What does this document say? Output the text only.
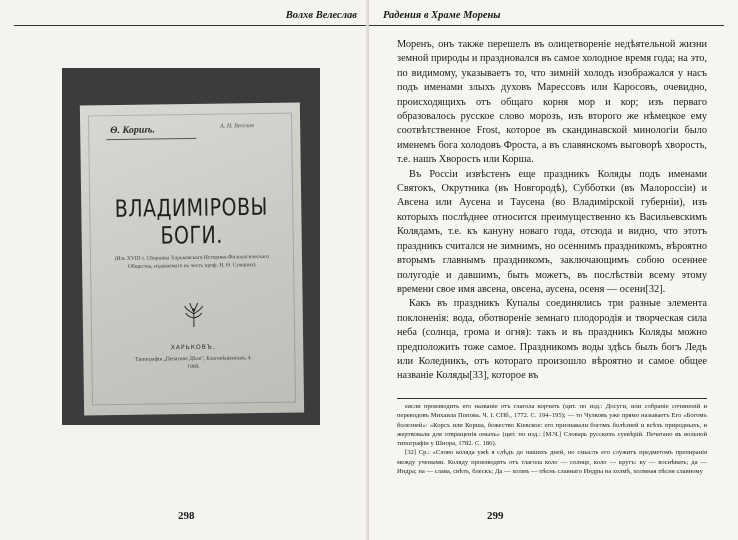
Волхв Велеслав
Ѳ. Коршъ.	А. Н. Веселов
ВЛАДИМІРОВЫ БОГИ.
(Изъ XVIII т. Сборника Харьковскаго Историко-Филологическаго Общества, издаваемаго въ честь проф. Н. Ѳ. Сумцова).
ХАРЬКОВЪ.
Типографія „Печатное Дѣло", Благовѣщенская, 4.
1909.
298
Радения в Храме Морены

Моренъ, онъ также перешелъ въ олицетвореніе недѣятельной жизни земной природы и праздновался въ самое холодное время года; на это, по видимому, указываетъ то, что зимній холодъ изображался у насъ подъ именами злыхъ духовъ Марессовъ или Каросовъ, очевидно, происходящихъ отъ общаго корня мор и кор; изъ перваго образовалось русское слово морозъ, изъ второго же нѣмецкое ему соотвѣтственное Frost, которое въ скандинавской минологіи было именемъ бога холодовъ Фроста, а въ славянскомъ выговорѣ хворость, т.е. нашъ Хворость или Корша.

Въ Россіи извѣстенъ еще праздникъ Коляды подъ именами Святокъ, Окрутника (въ Новгородѣ), Субботки (въ Малороссіи) и Авсена или Аусена и Таусена (во Владимірской губерніи), изъ которыхъ послѣднее относится преимущественно къ Васильевскимъ Колядамъ, т.е. къ кануну новаго года, отсюда и видно, что этотъ праздникъ считался не зимнимъ, но осеннимъ праздникомъ, вѣроятно вторымъ главнымъ праздникомъ, заключающимъ собою осеннее полугодіе и давшимъ, быть можетъ, въ послѣствіи всему этому времени свое имя авсена, овсена, аусена, осеня — осени[32].

Какъ въ праздникъ Купалы соединялись три разные элемента поклоненія: вода, оботвореніе земнаго плодородія и творческая сила неба (солнца, грома и огня): такъ и въ праздникъ Коляды можно предположить тоже самое. Праздникомъ воды здѣсь былъ богъ Ледъ или Коледникъ, отъ котораго произошло вѣроятно и самое общее названіе Коляды[33], которое въ

еясли производить его названіе отъ глагола корчить (цит. по изд.: Досуги, или собраніе сочиненій и переводовъ Михаила Попова. Ч. I. СПб., 1772. С. 194–195); — то Чулковъ уже прямо называетъ Его «Богомъ болезней»: «Корсъ или Корша, божество Кіевское: его признавали богомъ болѣзней и всѣхъ природныхъ, и жертвовали для отвращенія оныхъ» (цит. по изд.: [М.Ч.] Словарь русскихъ суевѣрій. Печатано въ вольной типографіи у Шнора, 1782. С. 186).

[32] Ср.: «Слово коляда ужѣ я слѣдъ до нашихъ дней, но смыслъ его служитъ предметомъ препиранія между учеными. Коляду производятъ отъ глагола коло — солнце, коло — кругъ: ку — восиѣвать; да — Индра; на — слава, свѣтъ, блескъ; Да — холмъ — пѣснь славнаго Индры на холмѣ, холмная пѣсня славному

299
